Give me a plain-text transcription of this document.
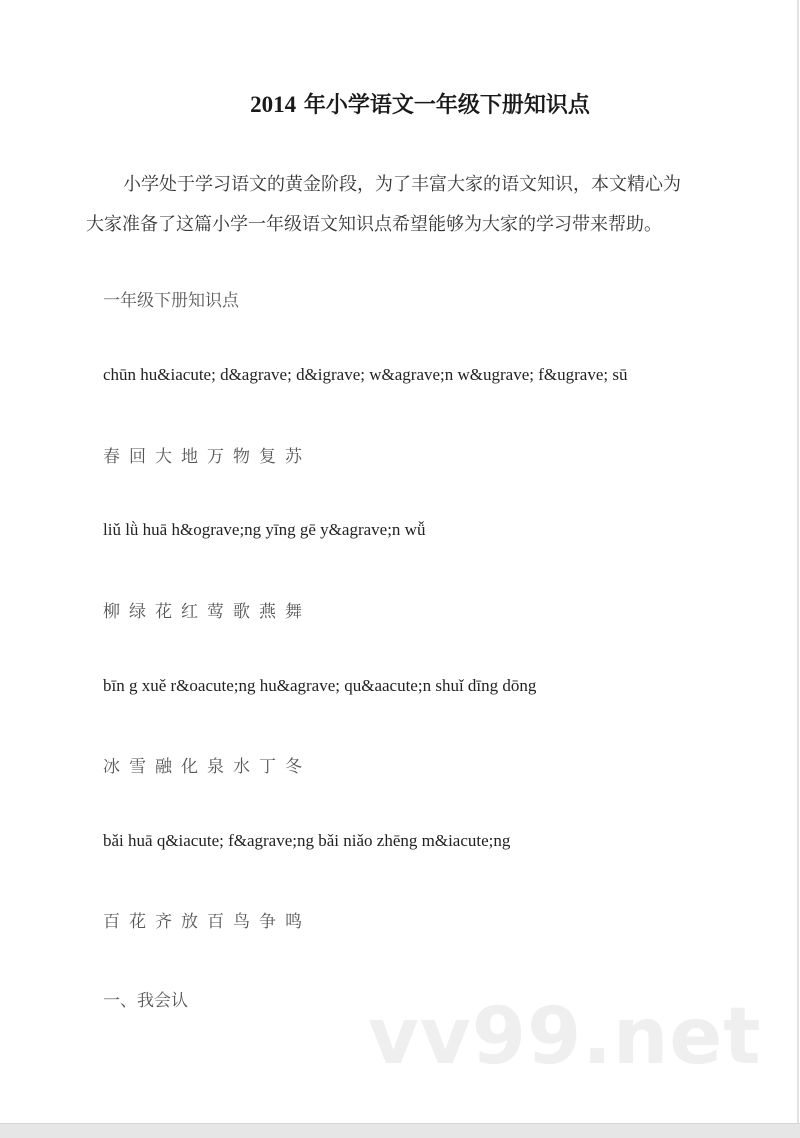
2014 年小学语文一年级下册知识点
小学处于学习语文的黄金阶段，为了丰富大家的语文知识，本文精心为
大家准备了这篇小学一年级语文知识点希望能够为大家的学习带来帮助。
一年级下册知识点
chūn hu&iacute; d&agrave; d&igrave; w&agrave;n w&ugrave; f&ugrave; sū
春回大地万物复苏
liǔ lǜ huā h&ograve;ng yīng gē y&agrave;n wǚ
柳绿花红莺歌燕舞
bīn g xuě r&oacute;ng hu&agrave; qu&aacute;n shuǐ dīng dōng
冰雪融化泉水丁冬
bǎi huā q&iacute; f&agrave;ng bǎi niǎo zhēng m&iacute;ng
百花齐放百鸟争鸣
一、我会认 vv99.net
